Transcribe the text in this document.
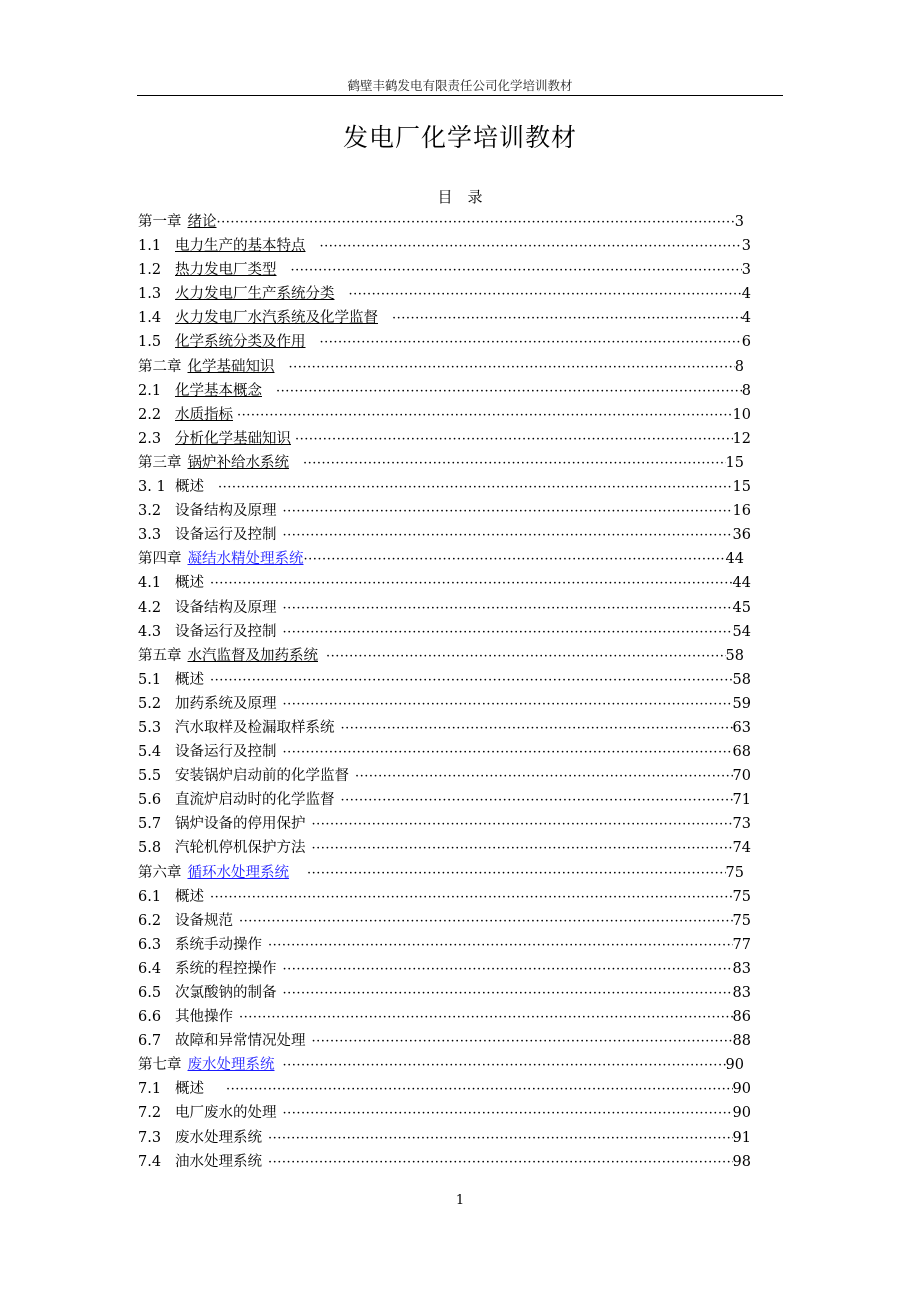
鹤壁丰鹤发电有限责任公司化学培训教材
发电厂化学培训教材
目　录
第一章 绪论 ·····	3
1.1 电力生产的基本特点 ·····	3
1.2 热力发电厂类型 ·····	3
1.3 火力发电厂生产系统分类 ·····	4
1.4 火力发电厂水汽系统及化学监督 ·····	4
1.5 化学系统分类及作用 ·····	6
第二章 化学基础知识 ·····	8
2.1 化学基本概念 ·····	8
2.2 水质指标 ·····	10
2.3 分析化学基础知识 ·····	12
第三章 锅炉补给水系统 ·····	15
3. 1 概述 ·····	15
3.2 设备结构及原理 ·····	16
3.3 设备运行及控制 ·····	36
第四章 凝结水精处理系统 ·····	44
4.1 概述 ·····	44
4.2 设备结构及原理 ·····	45
4.3 设备运行及控制 ·····	54
第五章 水汽监督及加药系统 ·····	58
5.1 概述 ·····	58
5.2 加药系统及原理 ·····	59
5.3 汽水取样及检漏取样系统 ·····	63
5.4 设备运行及控制 ·····	68
5.5 安装锅炉启动前的化学监督 ·····	70
5.6 直流炉启动时的化学监督 ·····	71
5.7 锅炉设备的停用保护 ·····	73
5.8 汽轮机停机保护方法 ·····	74
第六章 循环水处理系统 ·····	75
6.1 概述 ·····	75
6.2 设备规范 ·····	75
6.3 系统手动操作 ·····	77
6.4 系统的程控操作 ·····	83
6.5 次氯酸钠的制备 ·····	83
6.6 其他操作 ·····	86
6.7 故障和异常情况处理 ·····	88
第七章 废水处理系统 ·····	90
7.1 概述 ·····	90
7.2 电厂废水的处理 ·····	90
7.3 废水处理系统 ·····	91
7.4 油水处理系统 ·····	98
1
